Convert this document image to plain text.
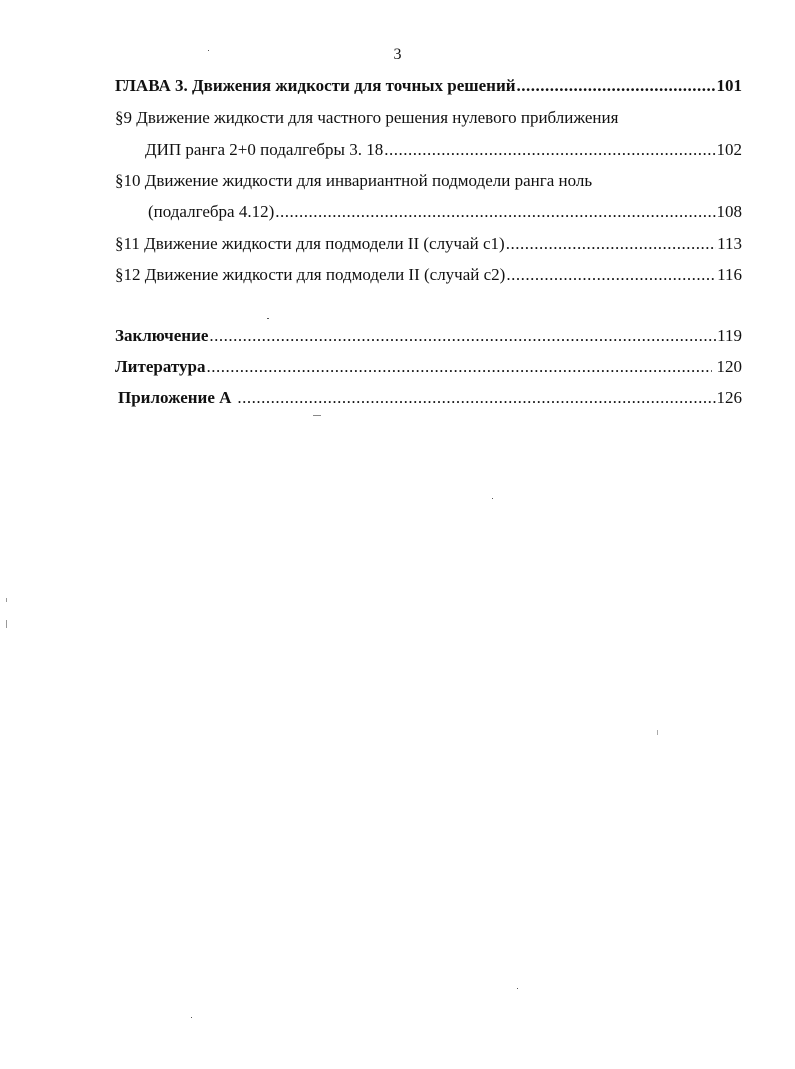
3
ГЛАВА 3. Движения жидкости для точных решений .....	101
§9 Движение жидкости для частного решения нулевого приближения
ДИП ранга 2+0 подалгебры 3. 18 .....	102
§10 Движение жидкости для инвариантной подмодели ранга ноль
(подалгебра 4.12) .....	108
§11 Движение жидкости для подмодели II (случай с1) .....	113
§12 Движение жидкости для подмодели II (случай с2) .....	116
Заключение .....	119
Литература .....	120
Приложение А .....	126
